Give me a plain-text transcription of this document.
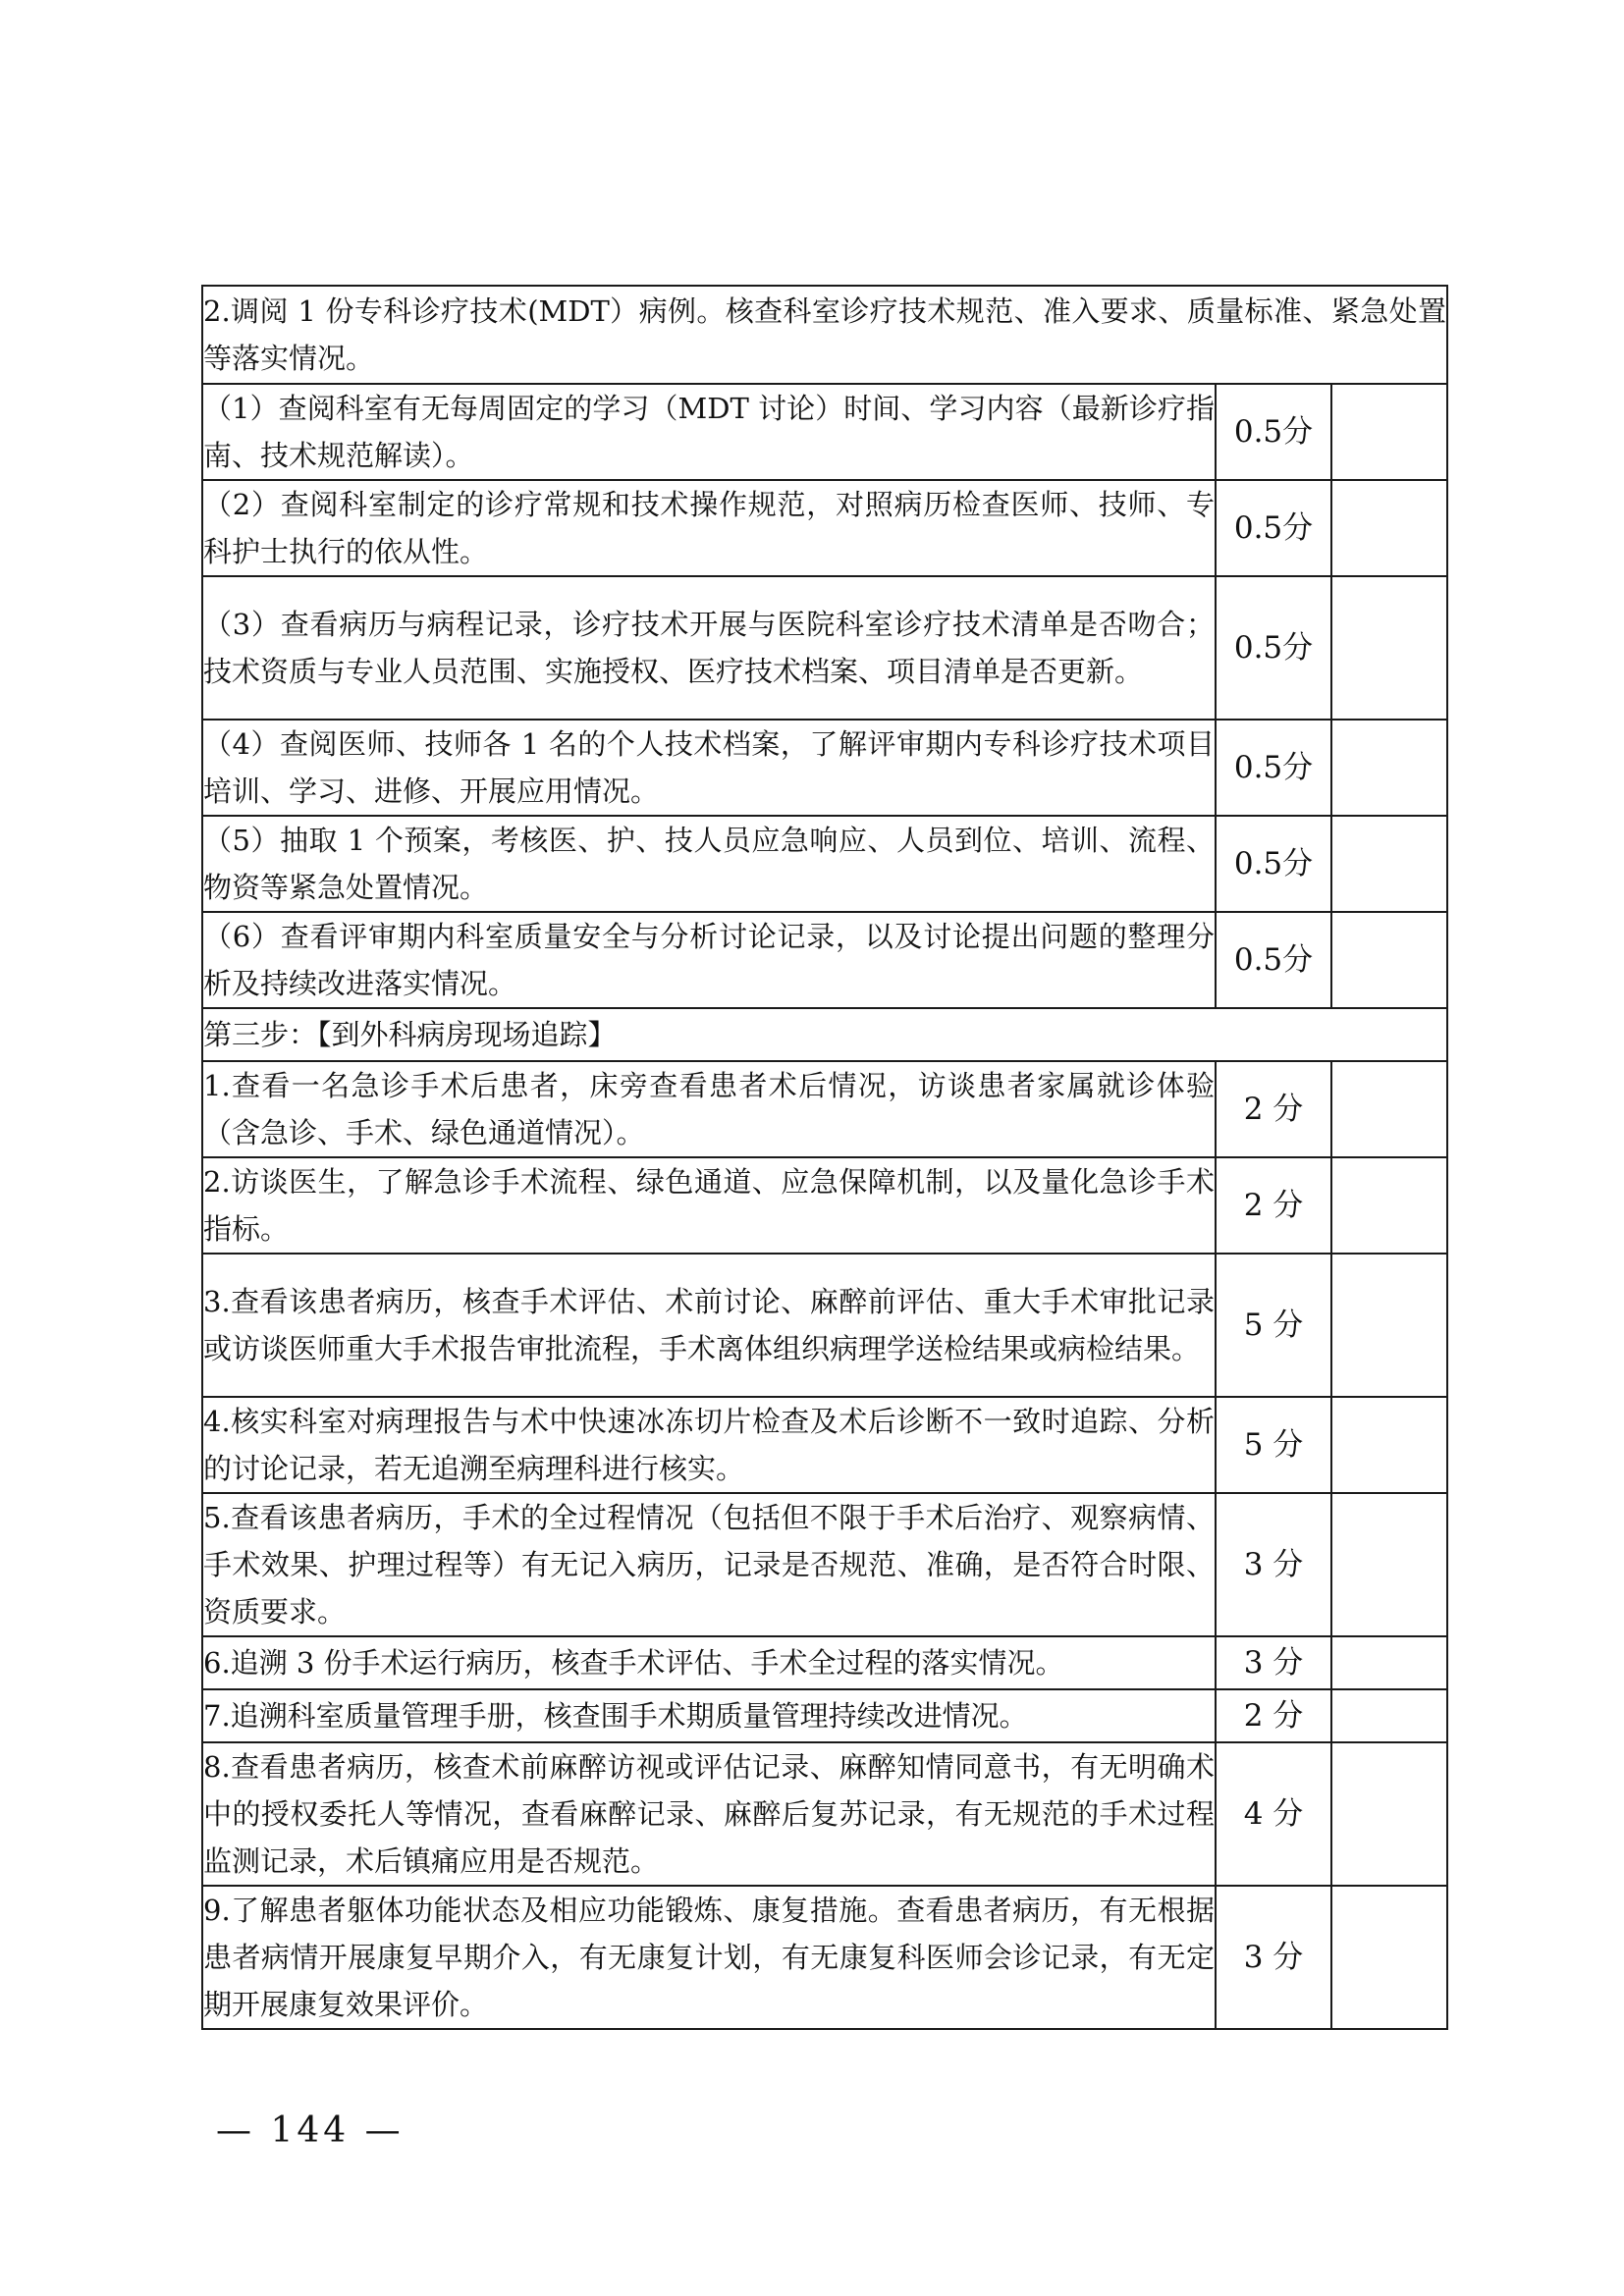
2.调阅 1 份专科诊疗技术(MDT）病例。核查科室诊疗技术规范、准入要求、质量标准、紧急处置等落实情况。		
（1）查阅科室有无每周固定的学习（MDT 讨论）时间、学习内容（最新诊疗指南、技术规范解读）。	0.5分	
（2）查阅科室制定的诊疗常规和技术操作规范，对照病历检查医师、技师、专科护士执行的依从性。	0.5分	
（3）查看病历与病程记录，诊疗技术开展与医院科室诊疗技术清单是否吻合；技术资质与专业人员范围、实施授权、医疗技术档案、项目清单是否更新。	0.5分	
（4）查阅医师、技师各 1 名的个人技术档案，了解评审期内专科诊疗技术项目培训、学习、进修、开展应用情况。	0.5分	
（5）抽取 1 个预案，考核医、护、技人员应急响应、人员到位、培训、流程、物资等紧急处置情况。	0.5分	
（6）查看评审期内科室质量安全与分析讨论记录，以及讨论提出问题的整理分析及持续改进落实情况。	0.5分	
第三步：【到外科病房现场追踪】		
1.查看一名急诊手术后患者，床旁查看患者术后情况，访谈患者家属就诊体验（含急诊、手术、绿色通道情况）。	2 分	
2.访谈医生，了解急诊手术流程、绿色通道、应急保障机制，以及量化急诊手术指标。	2 分	
3.查看该患者病历，核查手术评估、术前讨论、麻醉前评估、重大手术审批记录或访谈医师重大手术报告审批流程，手术离体组织病理学送检结果或病检结果。	5 分	
4.核实科室对病理报告与术中快速冰冻切片检查及术后诊断不一致时追踪、分析的讨论记录，若无追溯至病理科进行核实。	5 分	
5.查看该患者病历，手术的全过程情况（包括但不限于手术后治疗、观察病情、手术效果、护理过程等）有无记入病历，记录是否规范、准确，是否符合时限、资质要求。	3 分	
6.追溯 3 份手术运行病历，核查手术评估、手术全过程的落实情况。	3 分	
7.追溯科室质量管理手册，核查围手术期质量管理持续改进情况。	2 分	
8.查看患者病历，核查术前麻醉访视或评估记录、麻醉知情同意书，有无明确术中的授权委托人等情况，查看麻醉记录、麻醉后复苏记录，有无规范的手术过程监测记录，术后镇痛应用是否规范。	4 分	
9.了解患者躯体功能状态及相应功能锻炼、康复措施。查看患者病历，有无根据患者病情开展康复早期介入，有无康复计划，有无康复科医师会诊记录，有无定期开展康复效果评价。	3 分	
— 144 —
